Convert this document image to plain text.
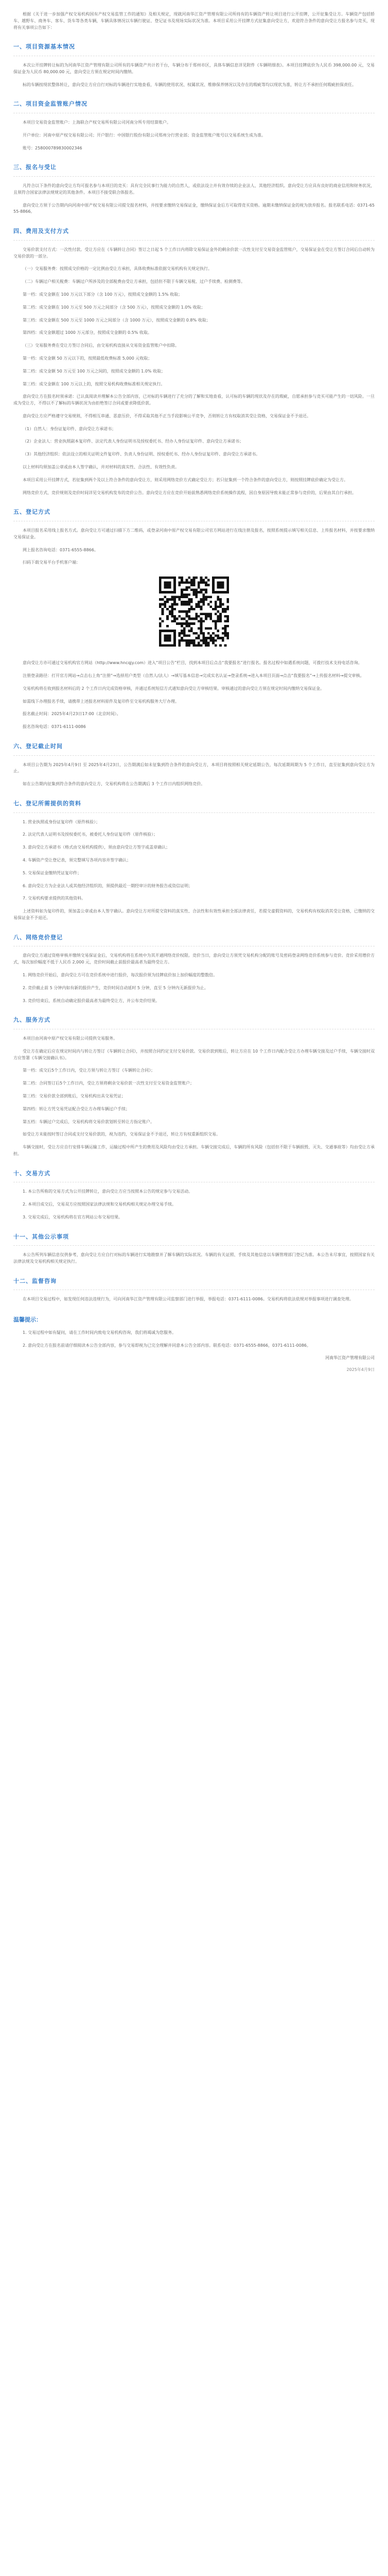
根据《关于进一步加强产权交易机构国有产权交易监管工作的通知》及相关规定，现就河南华江资产管理有限公司所持有的车辆资产转让项目进行公开挂牌，公开征集受让方。车辆资产包括轿车、越野车、商务车、客车、货车等各类车辆，车辆具体情况以车辆行驶证、登记证书及现场实际状况为准。本项目采用公开挂牌方式征集意向受让方，欢迎符合条件的意向受让方报名参与竞买，现将有关事项公告如下：

一、项目资源基本情况

本次公开挂牌转让标的为河南华江资产管理有限公司所有的车辆资产共计若干台，车辆分布于郑州市区，具体车辆信息详见附件《车辆明细表》。本项目挂牌底价为人民币 398,000.00 元，交易保证金为人民币 80,000.00 元，意向受让方须在规定时间内缴纳。

标的车辆按现状整体转让，意向受让方应自行对标的车辆进行实地查看，车辆的使用状况、权属状况、维修保养情况以及存在的瑕疵等均以现状为准，转让方不承担任何瑕疵担保责任。

二、项目资金监管账户情况

本项目交易资金监管账户：上海联合产权交易所有限公司河南分所专用结算账户。

开户单位：河南中原产权交易有限公司；开户银行：中国银行股份有限公司郑州分行营业部；资金监管账户账号以交易系统生成为准。

账号：258000789830002346

三、报名与受让

凡符合以下条件的意向受让方均可报名参与本项目的竞买：具有完全民事行为能力的自然人，或依法设立并有效存续的企业法人、其他经济组织。意向受让方应具有良好的商业信用和财务状况，且须符合国家法律法规规定的其他条件。本项目不接受联合体报名。

意向受让方须于公告期内向河南中原产权交易有限公司提交报名材料，并按要求缴纳交易保证金，缴纳保证金后方可取得竞买资格。逾期未缴纳保证金的视为放弃报名。报名联系电话：0371-6555-8866。

四、费用及支付方式

交易价款支付方式：一次性付款。受让方应在《车辆转让合同》签订之日起 5 个工作日内将除交易保证金外的剩余价款一次性支付至交易资金监管账户，交易保证金在受让方签订合同后自动转为交易价款的一部分。

（一）交易服务费：按照成交价格的一定比例由受让方承担，具体收费标准依据交易机构有关规定执行。

（二）车辆过户相关税费：车辆过户所涉及的全部税费由受让方承担，包括但不限于车辆交易税、过户手续费、检测费等。

第一档：成交金额在 100 万元以下部分（含 100 万元），按照成交金额的 1.5% 收取；

第二档：成交金额在 100 万元至 500 万元之间部分（含 500 万元），按照成交金额的 1.0% 收取；

第三档：成交金额在 500 万元至 1000 万元之间部分（含 1000 万元），按照成交金额的 0.8% 收取；

第四档：成交金额超过 1000 万元部分，按照成交金额的 0.5% 收取。

（三）交易服务费在受让方签订合同后，由交易机构直接从交易资金监管账户中扣除。

第一档：成交金额 50 万元以下的，按照最低收费标准 5,000 元收取；

第二档：成交金额 50 万元至 100 万元之间的，按照成交金额的 1.0% 收取；

第三档：成交金额在 100 万元以上的，按照交易机构收费标准相关规定执行。

意向受让方在报名时须承诺：已认真阅读并理解本公告全部内容，已对标的车辆进行了充分的了解和实地查看，认可标的车辆的现状及存在的瑕疵，自愿承担参与竞买可能产生的一切风险。一旦成为受让方，不得以不了解标的车辆状况为由拒绝签订合同或要求降低价款。

意向受让方应严格遵守交易规则，不得相互串通、恶意压价，不得采取其他不正当手段影响公平竞争，否则转让方有权取消其受让资格，交易保证金不予退还。

（1）自然人：身份证复印件、意向受让方承诺书；

（2）企业法人：营业执照副本复印件、法定代表人身份证明书及授权委托书、经办人身份证复印件、意向受让方承诺书；

（3）其他经济组织：依法设立的相关证明文件复印件、负责人身份证明、授权委托书、经办人身份证复印件、意向受让方承诺书。

以上材料均须加盖公章或由本人签字确认，并对材料的真实性、合法性、有效性负责。

本项目采用公开挂牌方式，若征集到两个及以上符合条件的意向受让方，则采用网络竞价方式确定受让方；若只征集到一个符合条件的意向受让方，则按照挂牌底价确定为受让方。

网络竞价方式、竞价规则及竞价时间详见交易机构发布的竞价公告。意向受让方应在竞价开始前熟悉网络竞价系统操作流程，因自身原因导致未能正常参与竞价的，后果由其自行承担。

五、登记方式

本项目报名采用线上报名方式。意向受让方可通过扫描下方二维码，或登录河南中原产权交易有限公司官方网站进行在线注册及报名，按照系统提示填写相关信息、上传报名材料，并按要求缴纳交易保证金。

网上报名咨询电话：0371-6555-8866。

扫码下载交易平台手机客户端：

意向受让方亦可通过交易机构官方网站（http://www.hncqjy.com）进入“项目公告”栏目，找到本项目后点击“我要报名”进行报名。报名过程中如遇系统问题，可拨打技术支持电话咨询。

注册登录路径：打开官方网站→点击右上角“注册”→选择用户类型（自然人/法人）→填写基本信息→完成实名认证→登录系统→进入本项目页面→点击“我要报名”→上传报名材料→提交审核。

交易机构将在收到报名材料后的 2 个工作日内完成资格审核，并通过系统短信方式通知意向受让方审核结果。审核通过的意向受让方须在规定时间内缴纳交易保证金。

如需线下办理报名手续，请携带上述报名材料原件及复印件至交易机构服务大厅办理。

报名截止时间：2025年4月23日17:00（北京时间）。

报名咨询电话：0371-6111-0086

六、登记截止时间

本项目公告期为 2025年4月9日 至 2025年4月23日，公告期满后如未征集到符合条件的意向受让方，本项目将按照相关规定延期公告，每次延期周期为 5 个工作日，直至征集到意向受让方为止。

如在公告期内征集到符合条件的意向受让方，交易机构将在公告期满后 3 个工作日内组织网络竞价。

七、登记所需提供的资料

1. 营业执照或身份证复印件（原件核验）；

2. 法定代表人证明书及授权委托书，被委托人身份证复印件（原件核验）；

3. 意向受让方承诺书（格式由交易机构提供），须由意向受让方签字或盖章确认；

4. 车辆资产受让登记表，须完整填写各项内容并签字确认；

5. 交易保证金缴纳凭证复印件；

6. 意向受让方为企业法人或其他经济组织的，须提供最近一期经审计的财务报告或资信证明；

7. 交易机构要求提供的其他资料。

上述资料如为复印件的，须加盖公章或由本人签字确认。意向受让方对所提交资料的真实性、合法性和有效性承担全部法律责任，若提交虚假资料的，交易机构有权取消其受让资格，已缴纳的交易保证金不予退还。

八、网络竞价登记

意向受让方通过资格审核并缴纳交易保证金后，交易机构将在系统中为其开通网络竞价权限。竞价当日，意向受让方须凭交易机构分配的账号及密码登录网络竞价系统参与竞价。竞价采用增价方式，每次加价幅度不低于人民币 2,000 元，竞价时间截止前报价最高者为最终受让方。

1. 网络竞价开始后，意向受让方可在竞价系统中进行报价，每次报价须为挂牌底价加上加价幅度的整数倍。

2. 竞价截止前 5 分钟内如有新的报价产生，竞价时间自动延时 5 分钟，直至 5 分钟内无新报价为止。

3. 竞价结束后，系统自动确定报价最高者为最终受让方，并公布竞价结果。

九、服务方式

本项目由河南中原产权交易有限公司提供交易服务。

受让方在确定后应在规定时间内与转让方签订《车辆转让合同》，并按照合同约定支付交易价款。交易价款到账后，转让方应在 10 个工作日内配合受让方办理车辆交接及过户手续，车辆交接时双方应签署《车辆交接确认书》。

第一档：成交后5个工作日内，受让方须与转让方签订《车辆转让合同》；

第二档：合同签订后5个工作日内，受让方须将剩余交易价款一次性支付至交易资金监管账户；

第三档：交易价款全部到账后，交易机构出具交易凭证；

第四档：转让方凭交易凭证配合受让方办理车辆过户手续；

第五档：车辆过户完成后，交易机构将交易价款划转至转让方指定账户。

如受让方未能按时签订合同或支付交易价款的，视为违约，交易保证金不予退还，转让方有权重新组织交易。

车辆交接时，受让方应自行安排车辆运输工作，运输过程中所产生的费用及风险均由受让方承担。车辆交接完成后，车辆的所有风险（包括但不限于车辆损毁、灭失、交通事故等）均由受让方承担。

十、交易方式

1. 本公告所称的交易方式为公开挂牌转让，意向受让方应当按照本公告的规定参与交易活动。

2. 本项目成交后，交易双方应按照国家法律法规和交易机构相关规定办理交易手续。

3. 交易完成后，交易机构将在官方网站公布交易结果。

十一、其他公示事项

本公告所列车辆信息仅供参考，意向受让方应自行对标的车辆进行实地勘察并了解车辆的实际状况。车辆的有关证照、手续及其他信息以车辆管理部门登记为准。本公告未尽事宜，按照国家有关法律法规及交易机构相关规定执行。

十二、监督咨询

在本项目交易过程中，如发现任何违法违规行为，可向河南华江资产管理有限公司监察部门进行举报，举报电话：0371-6111-0086。交易机构将依法依规对举报事项进行调查处理。

温馨提示：

1. 交易过程中如有疑问，请在工作时间内致电交易机构咨询，我们将竭诚为您服务。

2. 意向受让方在报名前请仔细阅读本公告全部内容，参与交易即视为已完全理解并同意本公告全部内容。联系电话：0371-6555-8866，0371-6111-0086。

河南华江资产管理有限公司
2025年4月9日
